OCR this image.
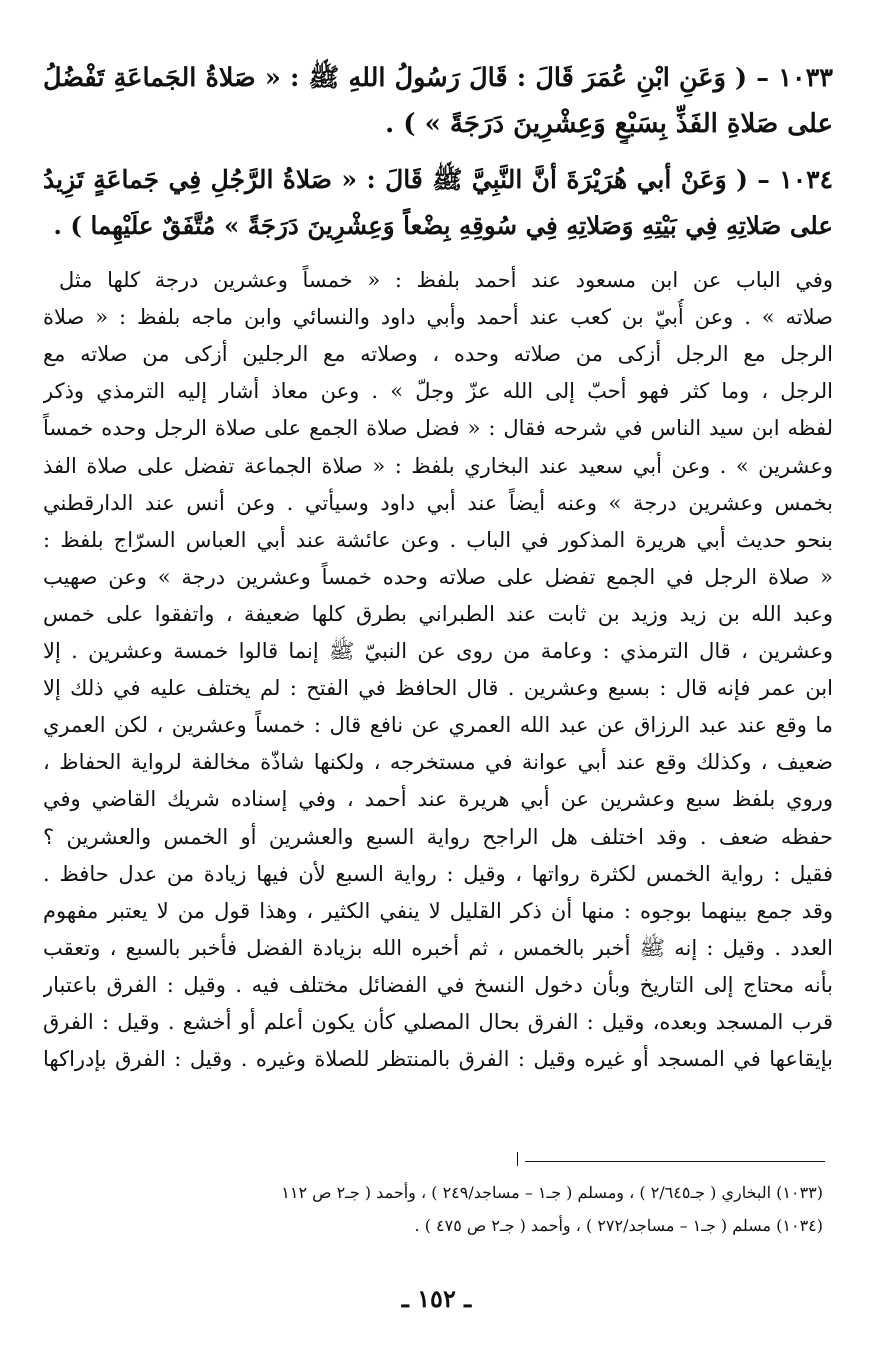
١٠٣٣ – ( وَعَنِ ابْنِ عُمَرَ قَالَ : قَالَ رَسُولُ اللهِ ﷺ : « صَلاةُ الجَماعَةِ تَفْضُلُ
على صَلاةِ الفَذِّ بِسَبْعٍ وَعِشْرِينَ دَرَجَةً » ) .
١٠٣٤ – ( وَعَنْ أبي هُرَيْرَةَ أنَّ النَّبِيَّ ﷺ قَالَ : « صَلاةُ الرَّجُلِ فِي جَماعَةٍ تَزِيدُ
على صَلاتِهِ فِي بَيْتِهِ وَصَلاتِهِ فِي سُوقِهِ بِضْعاً وَعِشْرِينَ دَرَجَةً » مُتَّفَقٌ علَيْهِما ) .
وفي الباب عن ابن مسعود عند أحمد بلفظ : « خمساً وعشرين درجة كلها مثل
صلاته » . وعن أُبيّ بن كعب عند أحمد وأبي داود والنسائي وابن ماجه بلفظ : « صلاة
الرجل مع الرجل أزكى من صلاته وحده ، وصلاته مع الرجلين أزكى من صلاته مع
الرجل ، وما كثر فهو أحبّ إلى الله عزّ وجلّ » . وعن معاذ أشار إليه الترمذي وذكر
لفظه ابن سيد الناس في شرحه فقال : « فضل صلاة الجمع على صلاة الرجل وحده خمساً
وعشرين » . وعن أبي سعيد عند البخاري بلفظ : « صلاة الجماعة تفضل على صلاة الفذ
بخمس وعشرين درجة » وعنه أيضاً عند أبي داود وسيأتي . وعن أنس عند الدارقطني
بنحو حديث أبي هريرة المذكور في الباب . وعن عائشة عند أبي العباس السرّاج بلفظ :
« صلاة الرجل في الجمع تفضل على صلاته وحده خمساً وعشرين درجة » وعن صهيب
وعبد الله بن زيد وزيد بن ثابت عند الطبراني بطرق كلها ضعيفة ، واتفقوا على خمس
وعشرين ، قال الترمذي : وعامة من روى عن النبيّ ﷺ إنما قالوا خمسة وعشرين . إلا
ابن عمر فإنه قال : بسبع وعشرين . قال الحافظ في الفتح : لم يختلف عليه في ذلك إلا
ما وقع عند عبد الرزاق عن عبد الله العمري عن نافع قال : خمساً وعشرين ، لكن العمري
ضعيف ، وكذلك وقع عند أبي عوانة في مستخرجه ، ولكنها شاذّة مخالفة لرواية الحفاظ ،
وروي بلفظ سبع وعشرين عن أبي هريرة عند أحمد ، وفي إسناده شريك القاضي وفي
حفظه ضعف . وقد اختلف هل الراجح رواية السبع والعشرين أو الخمس والعشرين ؟
فقيل : رواية الخمس لكثرة رواتها ، وقيل : رواية السبع لأن فيها زيادة من عدل حافظ .
وقد جمع بينهما بوجوه : منها أن ذكر القليل لا ينفي الكثير ، وهذا قول من لا يعتبر مفهوم
العدد . وقيل : إنه ﷺ أخبر بالخمس ، ثم أخبره الله بزيادة الفضل فأخبر بالسبع ، وتعقب
بأنه محتاج إلى التاريخ وبأن دخول النسخ في الفضائل مختلف فيه . وقيل : الفرق باعتبار
قرب المسجد وبعده، وقيل : الفرق بحال المصلي كأن يكون أعلم أو أخشع . وقيل : الفرق
بإيقاعها في المسجد أو غيره وقيل : الفرق بالمنتظر للصلاة وغيره . وقيل : الفرق بإدراكها
(١٠٣٣) البخاري ( جـ٢/٦٤٥ ) ، ومسلم ( جـ١ – مساجد/٢٤٩ ) ، وأحمد ( جـ٢ ص ١١٢
(١٠٣٤) مسلم ( جـ١ – مساجد/٢٧٢ ) ، وأحمد ( جـ٢ ص ٤٧٥ ) .
ـ ١٥٢ ـ
